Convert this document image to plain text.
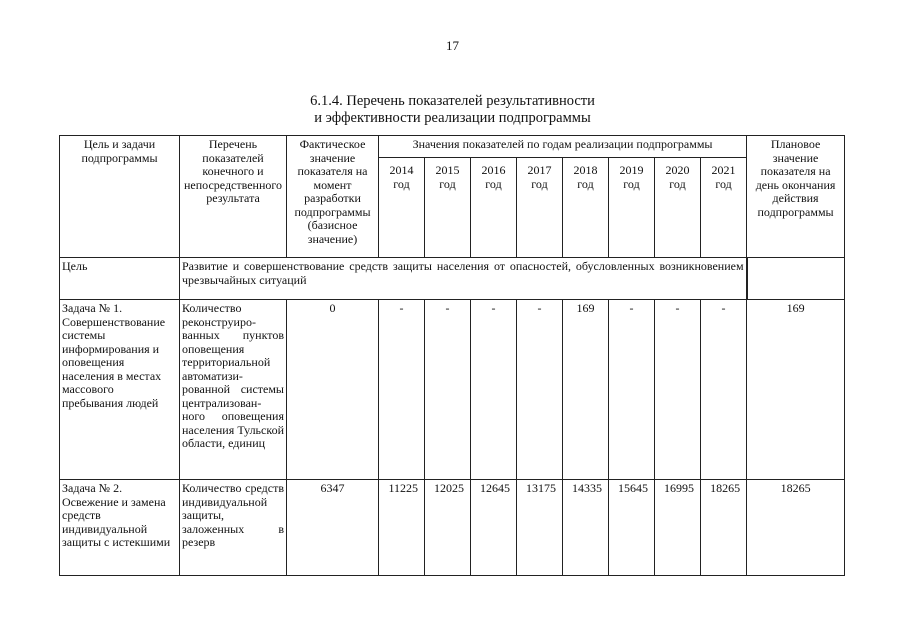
17
6.1.4. Перечень показателей результативности
и эффективности реализации подпрограммы
Цель и задачи подпрограммы	Перечень показателей конечного и непосредственного результата	Фактическое значение показателя на момент разработки подпрограммы (базисное значение)	Значения показателей по годам реализации подпрограммы								Плановое значение показателя на день окончания действия подпрограммы
			2014 год	2015 год	2016 год	2017 год	2018 год	2019 год	2020 год	2021 год	
Цель	Развитие и совершенствование средств защиты населения от опасностей, обусловленных возникновением чрезвычайных ситуаций										
Задача № 1. Совершенствование системы информирования и оповещения населения в местах массового пребывания людей	Количество реконструиро-ванных пунктов оповещения территориальной автоматизи-рованной системы централизован-ного оповещения населения Тульской области, единиц	0	-	-	-	-	169	-	-	-	169
Задача № 2. Освежение и замена средств индивидуальной защиты с истекшими	Количество средств индивидуальной защиты, заложенных в резерв	6347	11225	12025	12645	13175	14335	15645	16995	18265	18265
